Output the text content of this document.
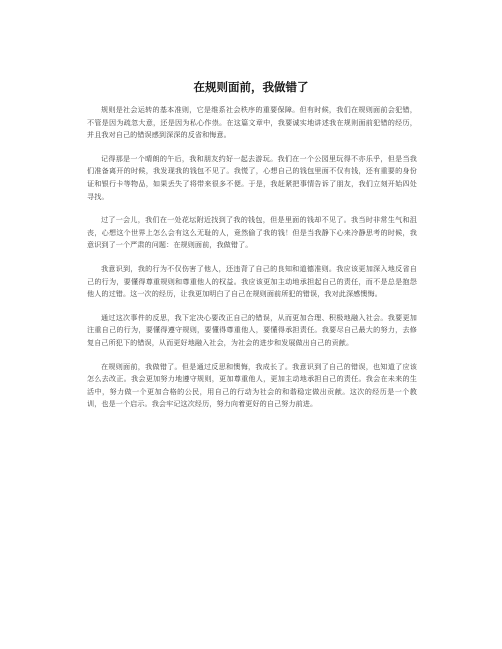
在规则面前，我做错了

规则是社会运转的基本准则，它是维系社会秩序的重要保障。但有时候，我们在规则面前会犯错，不管是因为疏忽大意，还是因为私心作祟。在这篇文章中，我要诚实地讲述我在规则面前犯错的经历，并且我对自己的错误感到深深的反省和悔意。

记得那是一个晴朗的午后，我和朋友约好一起去游玩。我们在一个公园里玩得不亦乐乎，但是当我们准备离开的时候，我发现我的钱包不见了。我慌了，心想自己的钱包里面不仅有钱，还有重要的身份证和银行卡等物品，如果丢失了将带来很多不便。于是，我赶紧把事情告诉了朋友，我们立刻开始四处寻找。

过了一会儿，我们在一处花坛附近找到了我的钱包，但是里面的钱却不见了。我当时非常生气和沮丧，心想这个世界上怎么会有这么无耻的人，竟然偷了我的钱！但是当我静下心来冷静思考的时候，我意识到了一个严肃的问题：在规则面前，我做错了。

我意识到，我的行为不仅伤害了他人，还违背了自己的良知和道德准则。我应该更加深入地反省自己的行为，要懂得尊重规则和尊重他人的权益。我应该更加主动地承担起自己的责任，而不是总是抱怨他人的过错。这一次的经历，让我更加明白了自己在规则面前所犯的错误，我对此深感懊悔。

通过这次事件的反思，我下定决心要改正自己的错误，从而更加合理、积极地融入社会。我要更加注重自己的行为，要懂得遵守规则，要懂得尊重他人，要懂得承担责任。我要尽自己最大的努力，去修复自己所犯下的错误，从而更好地融入社会，为社会的进步和发展做出自己的贡献。

在规则面前，我做错了。但是通过反思和懊悔，我成长了。我意识到了自己的错误，也知道了应该怎么去改正。我会更加努力地遵守规则，更加尊重他人，更加主动地承担自己的责任。我会在未来的生活中，努力做一个更加合格的公民，用自己的行动为社会的和谐稳定做出贡献。这次的经历是一个教训，也是一个启示。我会牢记这次经历，努力向着更好的自己努力前进。
